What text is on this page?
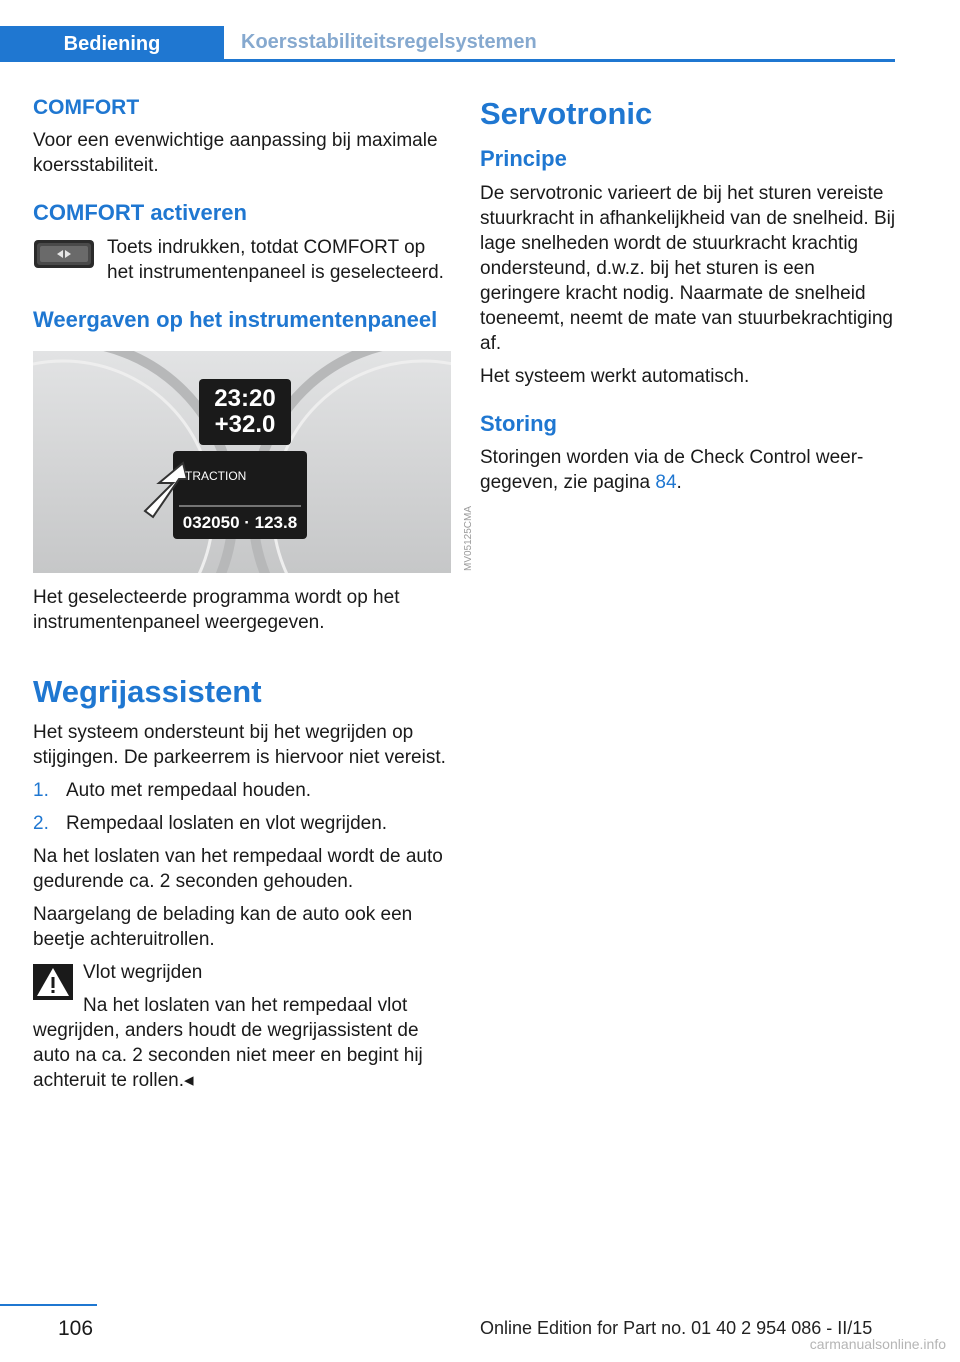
Bediening	Koersstabiliteitsregelsystemen
COMFORT

Voor een evenwichtige aanpassing bij maximale koersstabiliteit.

COMFORT activeren

Toets indrukken, totdat COMFORT op het instrumentenpaneel is geselecteerd.

Weergaven op het instrumentenpaneel
23:20
+32.0
TRACTION
032050 · 123.8	MV05125CMA

Het geselecteerde programma wordt op het instrumentenpaneel weergegeven.

Wegrijassistent

Het systeem ondersteunt bij het wegrijden op stijgingen. De parkeerrem is hiervoor niet vereist.

1. Auto met rempedaal houden.
2. Rempedaal loslaten en vlot wegrijden.

Na het loslaten van het rempedaal wordt de auto gedurende ca. 2 seconden gehouden.

Naargelang de belading kan de auto ook een beetje achteruitrollen.

Vlot wegrijden

Na het loslaten van het rempedaal vlot wegrijden, anders houdt de wegrijassistent de auto na ca. 2 seconden niet meer en begint hij achteruit te rollen.◂

Servotronic
Principe

De servotronic varieert de bij het sturen vereiste stuurkracht in afhankelijkheid van de snelheid. Bij lage snelheden wordt de stuurkracht krachtig ondersteund, d.w.z. bij het sturen is een geringere kracht nodig. Naarmate de snelheid toeneemt, neemt de mate van stuurbekrachtiging af.

Het systeem werkt automatisch.

Storing

Storingen worden via de Check Control weergegeven, zie pagina 84.

106	Online Edition for Part no. 01 40 2 954 086 - II/15
carmanualsonline.info
